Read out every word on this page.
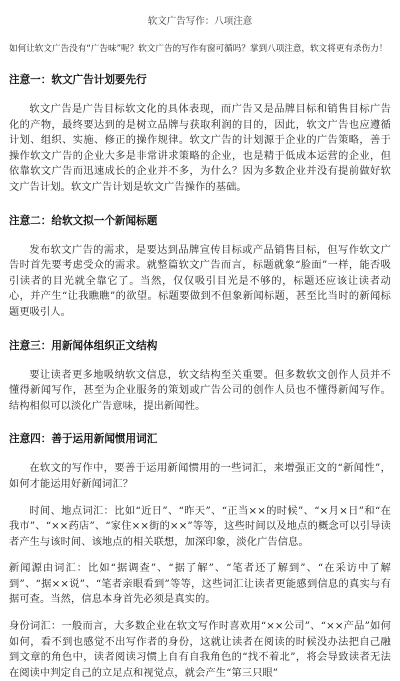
软文广告写作：八项注意
如何让软文广告没有“广告味”呢？软文广告的写作有窗可循吗？掌到八项注意，软文将更有杀伤力！
注意一：软文广告计划要先行

软文广告是广告目标软文化的具体表现，而广告又是品牌目标和销售目标广告化的产物，最终要达到的是树立品牌与获取利润的目的，因此，软文广告也应遵循计划、组织、实施、修正的操作规律。软文广告的计划源于企业的广告策略，善于操作软文广告的企业大多是非常讲求策略的企业，也是精于低成本运营的企业，但依靠软文广告而迅速成长的企业并不多，为什么？因为多数企业并没有提前做好软文广告计划。软文广告计划是软文广告操作的基础。

注意二：给软文拟一个新闻标题

发布软文广告的需求，是要达到品牌宣传目标或产品销售目标，但写作软文广告时首先要考虑受众的需求。就整篇软文广告而言，标题就象“脸面”一样，能否吸引读者的目光就全靠它了。当然，仅仅吸引目光是不够的，标题还应该让读者动心，并产生“让我瞧瞧”的欲望。标题要做到不但象新闻标题，甚至比当时的新闻标题更吸引人。

注意三：用新闻体组织正文结构

要让读者更多地吸纳软文信息，软文结构至关重要。但多数软文创作人员并不懂得新闻写作，甚至为企业服务的策划或广告公司的创作人员也不懂得新闻写作。结构相似可以淡化广告意味，提出新闻性。

注意四：善于运用新闻惯用词汇

在软文的写作中，要善于运用新闻惯用的一些词汇，来增强正文的“新闻性”，如何才能运用好新闻词汇？

时间、地点词汇：比如“近日”、“昨天”、“正当××的时候”、“×月×日”和“在我市”、“××药店”、“家住××街的××”等等，这些时间以及地点的概念可以引导读者产生与该时间、该地点的相关联想，加深印象，淡化广告信息。

新闻源由词汇：比如“据调查”、“据了解”、“笔者还了解到”、“在采访中了解到”、“据××说”、“笔者亲眼看到”等等，这些词汇让读者更能感到信息的真实与有据可查。当然，信息本身首先必须是真实的。

身份词汇：一般而言，大多数企业在软文写作时喜欢用“××公司”、“××产品”如何如何，看不到也感觉不出写作者的身份，这就让读者在阅读的时候没办法把自己融到文章的角色中，读者阅读习惯上自有自我角色的“找不着北”，将会导致读者无法在阅读中判定自己的立足点和视觉点，就会产生“第三只眼”
